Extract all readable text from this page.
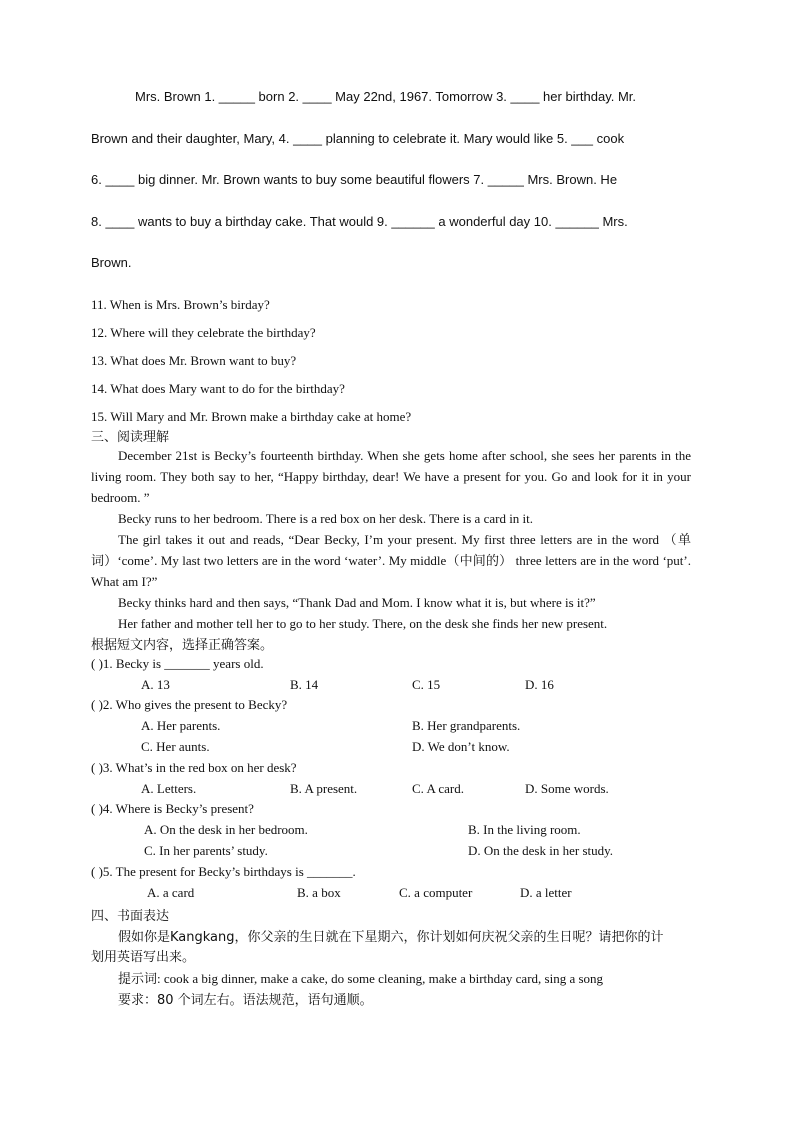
Mrs. Brown 1. _____ born 2. ____ May 22nd, 1967. Tomorrow 3. ____ her birthday. Mr.
Brown and their daughter, Mary, 4. ____ planning to celebrate it. Mary would like 5. ___ cook
6. ____ big dinner. Mr. Brown wants to buy some beautiful flowers 7. _____ Mrs. Brown. He
8. ____ wants to buy a birthday cake. That would 9. ______ a wonderful day 10. ______ Mrs.
Brown.
11. When is Mrs. Brown’s birday?
12. Where will they celebrate the birthday?
13. What does Mr. Brown want to buy?
14. What does Mary want to do for the birthday?
15. Will Mary and Mr. Brown make a birthday cake at home?
三、阅读理解
December 21st is Becky’s fourteenth birthday. When she gets home after school, she sees her parents in the living room. They both say to her, “Happy birthday, dear! We have a present for you. Go and look for it in your bedroom. ”
Becky runs to her bedroom. There is a red box on her desk. There is a card in it.
The girl takes it out and reads, “Dear Becky, I’m your present. My first three letters are in the word （单词）‘come’. My last two letters are in the word ‘water’. My middle（中间的） three letters are in the word ‘put’. What am I?”
Becky thinks hard and then says, “Thank Dad and Mom. I know what it is, but where is it?”
Her father and mother tell her to go to her study. There, on the desk she finds her new present.
根据短文内容，选择正确答案。
( )1. Becky is _______ years old.
A. 13	B. 14	C. 15	D. 16
( )2. Who gives the present to Becky?
A. Her parents.	B. Her grandparents.
C. Her aunts.	D. We don’t know.
( )3. What’s in the red box on her desk?
A. Letters.	B. A present.	C. A card.	D. Some words.
( )4. Where is Becky’s present?
A. On the desk in her bedroom.	B. In the living room.
C. In her parents’ study.	D. On the desk in her study.
( )5. The present for Becky’s birthdays is _______.
A. a card	B. a box	C. a computer	D. a letter
四、书面表达
假如你是Kangkang，你父亲的生日就在下星期六，你计划如何庆祝父亲的生日呢？请把你的计
划用英语写出来。
提示词: cook a big dinner, make a cake, do some cleaning, make a birthday card, sing a song
要求：80 个词左右。语法规范，语句通顺。
